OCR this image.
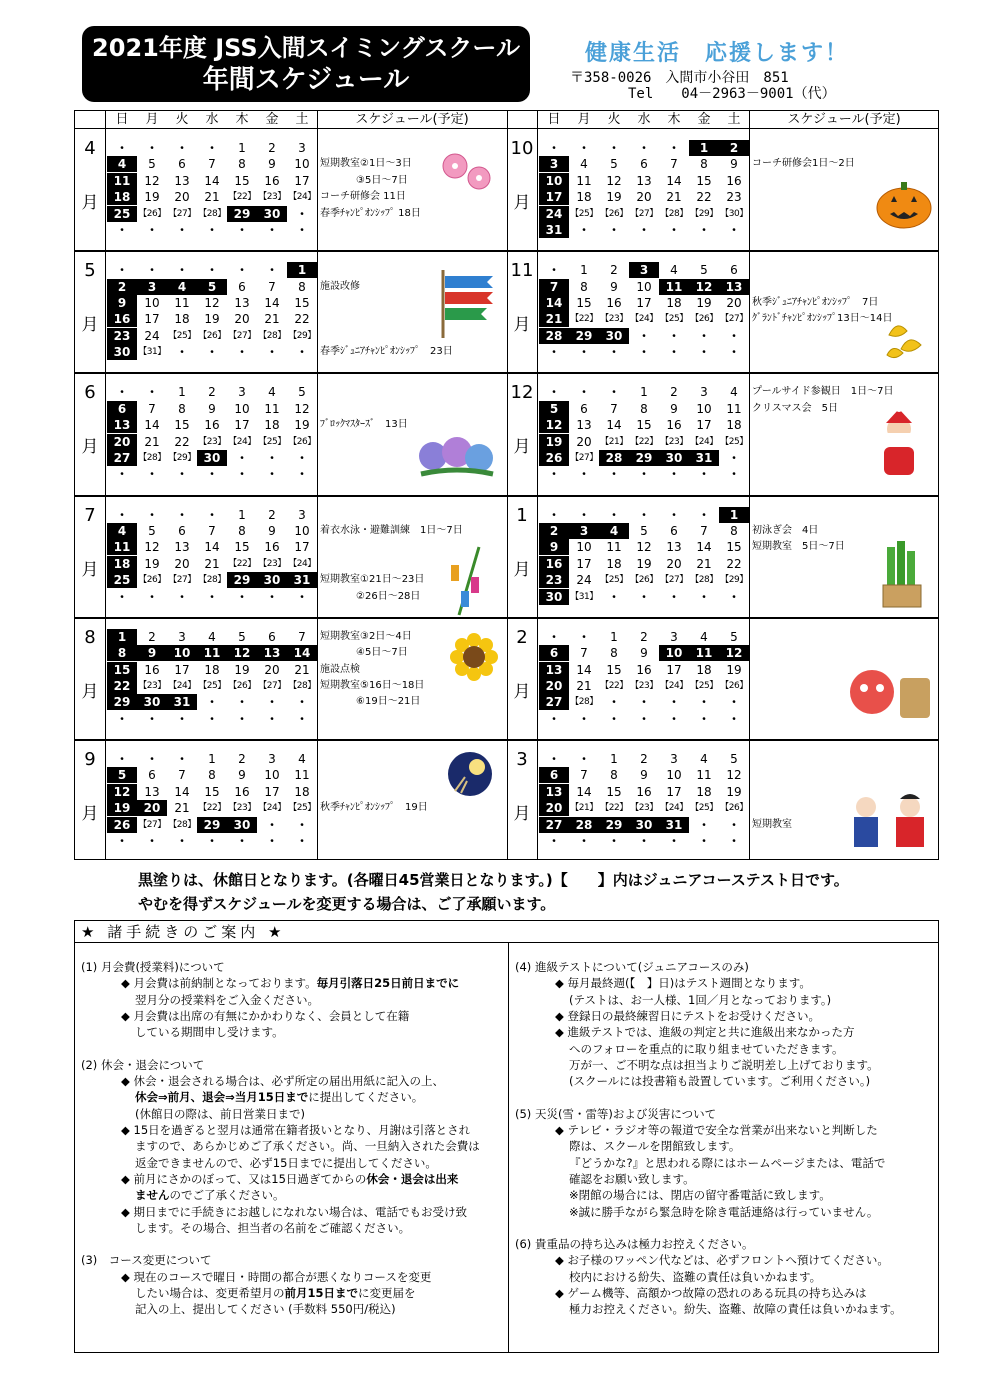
2021年度 JSS入間スイミングスクール
年間スケジュール
健康生活　応援します！
〒358-0026　入間市小谷田　851
Tel　　04－2963－9001（代）
日	月	火	水	木	金	土	スケジュール(予定)	日	月	火	水	木	金	土	スケジュール(予定)
4
月
・	・	・	・	1	2	3
4	5	6	7	8	9	10
11	12	13	14	15	16	17
18	19	20	21 【22】 【23】 【24】
25 【26】 【27】 【28】 29	30	・
・	・	・	・	・	・	・
短期教室②1日～3日
③5日～7日
コーチ研修会 11日
春季ﾁｬﾝﾋﾟｵﾝｼｯﾌﾟ 18日
10
月
・	・	・	・	・	1	2
3	4	5	6	7	8	9
10	11	12	13	14	15	16
17	18	19	20	21	22	23
24 【25】 【26】 【27】 【28】 【29】 【30】
31	・	・	・	・	・	・
コーチ研修会1日～2日
5
月
・	・	・	・	・	・	1
2	3	4	5	6	7	8
9	10	11	12	13	14	15
16	17	18	19	20	21	22
23	24 【25】 【26】 【27】 【28】 【29】
30 【31】 ・	・	・	・	・
施設改修
春季ｼﾞｭﾆｱﾁｬﾝﾋﾟｵﾝｼｯﾌﾟ　23日
11
月
・	1	2	3	4	5	6
7	8	9	10	11	12	13
14	15	16	17	18	19	20
21 【22】 【23】 【24】 【25】 【26】 【27】
28	29	30	・	・	・	・
・	・	・	・	・	・	・
秋季ｼﾞｭﾆｱﾁｬﾝﾋﾟｵﾝｼｯﾌﾟ　7日
ｸﾞﾗﾝﾄﾞﾁｬﾝﾋﾟｵﾝｼｯﾌﾟ13日～14日
6
月
・	・	1	2	3	4	5
6	7	8	9	10	11	12
13	14	15	16	17	18	19
20	21	22 【23】 【24】 【25】 【26】
27 【28】 【29】 30	・	・	・
・	・	・	・	・	・	・
ﾌﾞﾛｯｸﾏｽﾀｰｽﾞ　13日
12
月
・	・	・	1	2	3	4
5	6	7	8	9	10	11
12	13	14	15	16	17	18
19	20 【21】 【22】 【23】 【24】 【25】
26 【27】 28	29	30	31	・
・	・	・	・	・	・	・
プールサイド参観日　1日～7日
クリスマス会　5日
7
月
・	・	・	・	1	2	3
4	5	6	7	8	9	10
11	12	13	14	15	16	17
18	19	20	21 【22】 【23】 【24】
25 【26】 【27】 【28】 29	30	31
・	・	・	・	・	・	・
着衣水泳・避難訓練　1日～7日
短期教室①21日～23日
②26日～28日
1
月
・	・	・	・	・	・	1
2	3	4	5	6	7	8
9	10	11	12	13	14	15
16	17	18	19	20	21	22
23	24 【25】 【26】 【27】 【28】 【29】
30 【31】 ・	・	・	・	・
初泳ぎ会　4日
短期教室　5日～7日
8
月
1	2	3	4	5	6	7
8	9	10	11	12	13	14
15	16	17	18	19	20	21
22 【23】 【24】 【25】 【26】 【27】 【28】
29	30	31	・	・	・	・
・	・	・	・	・	・	・
短期教室③2日～4日
④5日～7日
施設点検
短期教室⑤16日～18日
⑥19日～21日
2
月
・	・	1	2	3	4	5
6	7	8	9	10	11	12
13	14	15	16	17	18	19
20	21 【22】 【23】 【24】 【25】 【26】
27 【28】 ・	・	・	・	・
・	・	・	・	・	・	・
9
月
・	・	・	1	2	3	4
5	6	7	8	9	10	11
12	13	14	15	16	17	18
19	20	21 【22】 【23】 【24】 【25】
26 【27】 【28】 29	30	・	・
・	・	・	・	・	・	・
秋季ﾁｬﾝﾋﾟｵﾝｼｯﾌﾟ　19日
3
月
・	・	1	2	3	4	5
6	7	8	9	10	11	12
13	14	15	16	17	18	19
20 【21】 【22】 【23】 【24】 【25】 【26】
27	28	29	30	31	・	・
・	・	・	・	・	・	・
短期教室
黒塗りは、休館日となります。(各曜日45営業日となります。)【　　】内はジュニアコーステスト日です。
やむを得ずスケジュールを変更する場合は、ご了承願います。
★ 諸手続きのご案内 ★
(1) 月会費(授業料)について
◆ 月会費は前納制となっております。毎月引落日25日前日までに
翌月分の授業料をご入金ください。
◆ 月会費は出席の有無にかかわりなく、会員として在籍
している期間申し受けます。
(2) 休会・退会について
◆ 休会・退会される場合は、必ず所定の届出用紙に記入の上、
休会⇒前月、退会⇒当月15日までに提出してください。
(休館日の際は、前日営業日まで)
◆ 15日を過ぎると翌月は通常在籍者扱いとなり、月謝は引落とされ
ますので、あらかじめご了承ください。尚、一旦納入された会費は
返金できませんので、必ず15日までに提出してください。
◆ 前月にさかのぼって、又は15日過ぎてからの休会・退会は出来
ませんのでご了承ください。
◆ 期日までに手続きにお越しになれない場合は、電話でもお受け致
します。その場合、担当者の名前をご確認ください。
(3)　コース変更について
◆ 現在のコースで曜日・時間の都合が悪くなりコースを変更
したい場合は、変更希望月の前月15日までに変更届を
記入の上、提出してください (手数料 550円/税込)
(4) 進級テストについて(ジュニアコースのみ)
◆ 毎月最終週(【　】日)はテスト週間となります。
(テストは、お一人様、1回／月となっております。)
◆ 登録日の最終練習日にテストをお受けください。
◆ 進級テストでは、進級の判定と共に進級出来なかった方
へのフォローを重点的に取り組ませていただきます。
万が一、ご不明な点は担当よりご説明差し上げております。
(スクールには投書箱も設置しています。ご利用ください。)
(5) 天災(雪・雷等)および災害について
◆ テレビ・ラジオ等の報道で安全な営業が出来ないと判断した
際は、スクールを閉館致します。
『どうかな?』と思われる際にはホームページまたは、電話で
確認をお願い致します。
※閉館の場合には、閉店の留守番電話に致します。
※誠に勝手ながら緊急時を除き電話連絡は行っていません。
(6) 貴重品の持ち込みは極力お控えください。
◆ お子様のワッペン代などは、必ずフロントへ預けてください。
校内における紛失、盗難の責任は負いかねます。
◆ ゲーム機等、高額かつ故障の恐れのある玩具の持ち込みは
極力お控えください。紛失、盗難、故障の責任は負いかねます。
